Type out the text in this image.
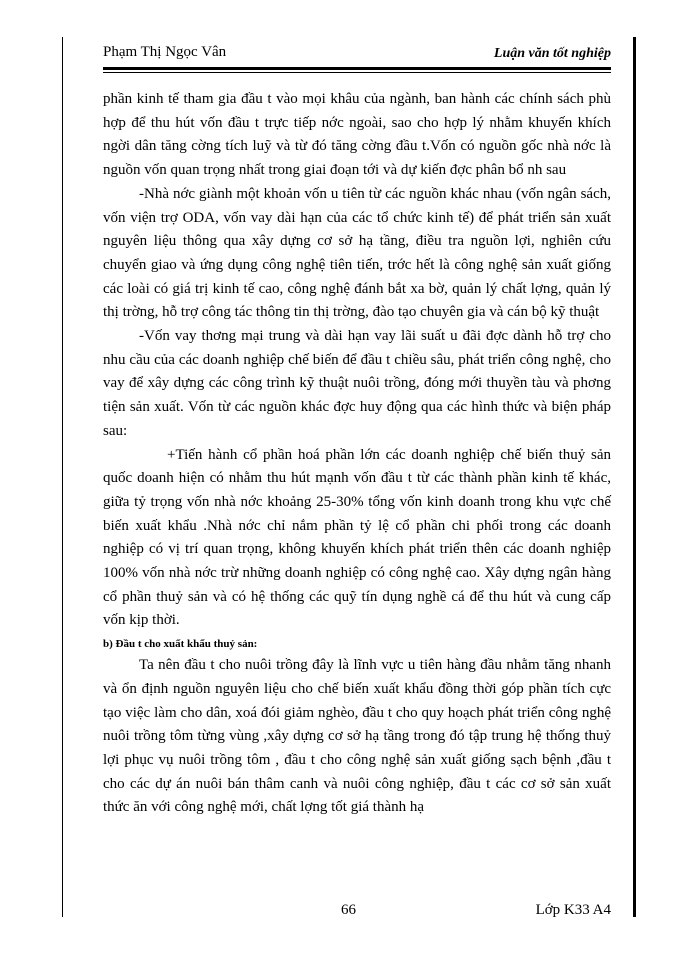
Phạm Thị Ngọc Vân	Luận văn tốt nghiệp

phần kinh tế tham gia đầu t vào mọi khâu của ngành, ban hành các chính sách phù hợp để thu hút vốn đầu t trực tiếp nớc ngoài, sao cho hợp lý nhằm khuyến khích ngời dân tăng cờng tích luỹ và từ đó tăng cờng đầu t.Vốn có nguồn gốc nhà nớc là nguồn vốn quan trọng nhất trong giai đoạn tới và dự kiến đợc phân bổ nh sau

-Nhà nớc giành một khoản vốn u tiên từ các nguồn khác nhau (vốn ngân sách, vốn viện trợ ODA, vốn vay dài hạn của các tổ chức kinh tế) để phát triển sản xuất nguyên liệu thông qua xây dựng cơ sở hạ tầng, điều tra nguồn lợi, nghiên cứu chuyển giao và ứng dụng công nghệ tiên tiến, trớc hết là công nghệ sản xuất giống các loài có giá trị kinh tế cao, công nghệ đánh bắt xa bờ, quản lý chất lợng, quản lý thị trờng, hỗ trợ công tác thông tin thị trờng, đào tạo chuyên gia và cán bộ kỹ thuật

-Vốn vay thơng mại trung và dài hạn vay lãi suất u đãi đợc dành hỗ trợ cho nhu cầu của các doanh nghiệp chế biến để đầu t chiều sâu, phát triển công nghệ, cho vay để xây dựng các công trình kỹ thuật nuôi trồng, đóng mới thuyền tàu và phơng tiện sản xuất. Vốn từ các nguồn khác đợc huy động qua các hình thức và biện pháp sau:

+Tiến hành cổ phần hoá phần lớn các doanh nghiệp chế biến thuỷ sản quốc doanh hiện có nhằm thu hút mạnh vốn đầu t từ các thành phần kinh tế khác, giữa tỷ trọng vốn nhà nớc khoảng 25-30% tổng vốn kinh doanh trong khu vực chế biến xuất khẩu .Nhà nớc chỉ nắm phần tỷ lệ cổ phần chi phối trong các doanh nghiệp có vị trí quan trọng, không khuyến khích phát triển thên các doanh nghiệp 100% vốn nhà nớc trừ những doanh nghiệp có công nghệ cao. Xây dựng ngân hàng cổ phần thuỷ sản và có hệ thống các quỹ tín dụng nghề cá để thu hút và cung cấp vốn kịp thời.

b) Đầu t cho xuất khẩu thuỷ sản:

Ta nên đầu t cho nuôi trồng đây là lĩnh vực u tiên hàng đầu nhằm tăng nhanh và ổn định nguồn nguyên liệu cho chế biến xuất khẩu đồng thời góp phần tích cực tạo việc làm cho dân, xoá đói giảm nghèo, đầu t cho quy hoạch phát triển công nghệ nuôi trồng tôm từng vùng ,xây dựng cơ sở hạ tầng trong đó tập trung hệ thống thuỷ lợi phục vụ nuôi trồng tôm , đầu t cho công nghệ sản xuất giống sạch bệnh ,đầu t cho các dự án nuôi bán thâm canh và nuôi công nghiệp, đầu t các cơ sở sản xuất thức ăn với công nghệ mới, chất lợng tốt giá thành hạ

66	Lớp K33 A4
